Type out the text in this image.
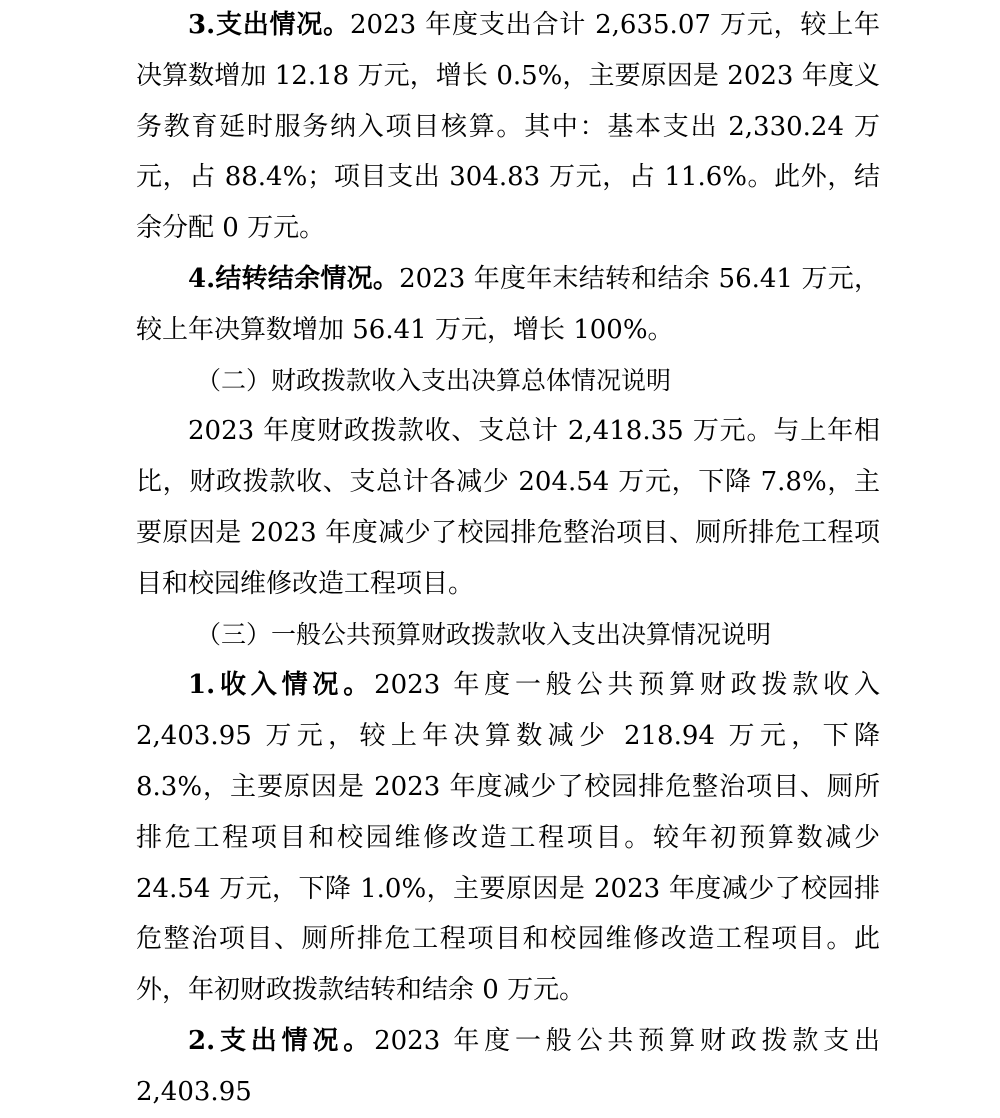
3.支出情况。2023 年度支出合计 2,635.07 万元，较上年决算数增加 12.18 万元，增长 0.5%，主要原因是 2023 年度义务教育延时服务纳入项目核算。其中：基本支出 2,330.24 万元，占 88.4%；项目支出 304.83 万元，占 11.6%。此外，结余分配 0 万元。

4.结转结余情况。2023 年度年末结转和结余 56.41 万元，较上年决算数增加 56.41 万元，增长 100%。

（二）财政拨款收入支出决算总体情况说明

2023 年度财政拨款收、支总计 2,418.35 万元。与上年相比，财政拨款收、支总计各减少 204.54 万元，下降 7.8%，主要原因是 2023 年度减少了校园排危整治项目、厕所排危工程项目和校园维修改造工程项目。

（三）一般公共预算财政拨款收入支出决算情况说明

1.收入情况。2023 年度一般公共预算财政拨款收入 2,403.95 万元，较上年决算数减少 218.94 万元，下降 8.3%，主要原因是 2023 年度减少了校园排危整治项目、厕所排危工程项目和校园维修改造工程项目。较年初预算数减少 24.54 万元，下降 1.0%，主要原因是 2023 年度减少了校园排危整治项目、厕所排危工程项目和校园维修改造工程项目。此外，年初财政拨款结转和结余 0 万元。

2.支出情况。2023 年度一般公共预算财政拨款支出 2,403.95
